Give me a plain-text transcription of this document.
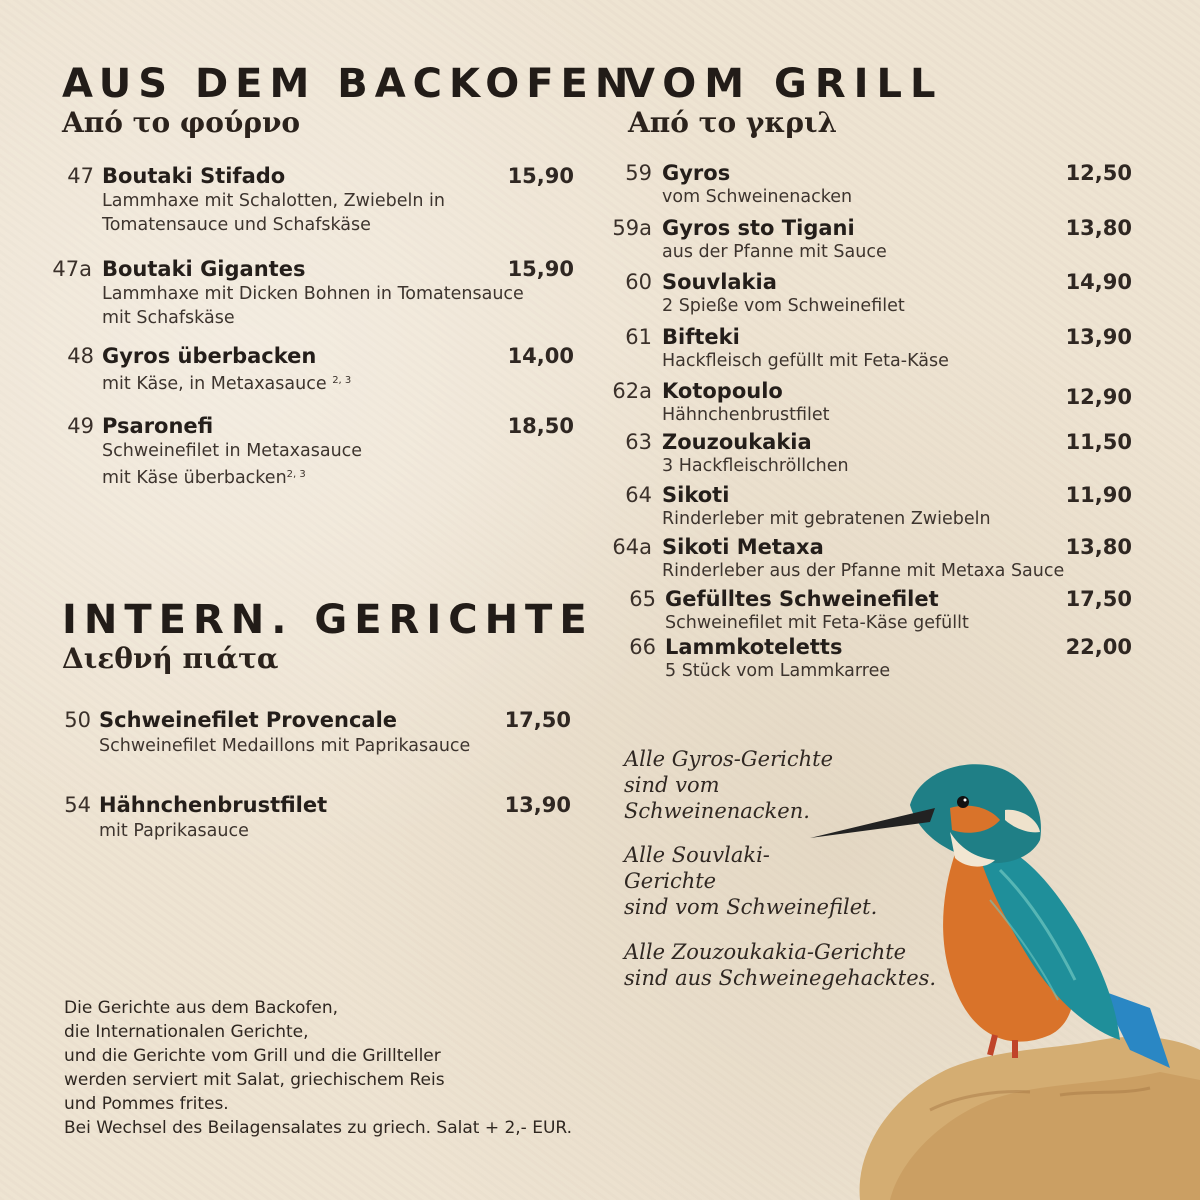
AUS DEM BACKOFEN
Από το φούρνο
47 Boutaki Stifado	15,90
Lammhaxe mit Schalotten, Zwiebeln in
Tomatensauce und Schafskäse
47a Boutaki Gigantes	15,90
Lammhaxe mit Dicken Bohnen in Tomatensauce
mit Schafskäse
48 Gyros überbacken	14,00
mit Käse, in Metaxasauce $^{2, 3}$
49 Psaronefi	18,50
Schweinefilet in Metaxasauce
mit Käse überbacken$^{2, 3}$
INTERN. GERICHTE
Διεθνή πιάτα
50 Schweinefilet Provencale	17,50
Schweinefilet Medaillons mit Paprikasauce
54 Hähnchenbrustfilet	13,90
mit Paprikasauce
VOM GRILL
Από το γκριλ
59 Gyros	12,50
vom Schweinenacken
59a Gyros sto Tigani	13,80
aus der Pfanne mit Sauce
60 Souvlakia	14,90
2 Spieße vom Schweinefilet
61 Bifteki	13,90
Hackfleisch gefüllt mit Feta-Käse
62a Kotopoulo	12,90
Hähnchenbrustfilet
63 Zouzoukakia	11,50
3 Hackfleischröllchen
64 Sikoti	11,90
Rinderleber mit gebratenen Zwiebeln
64a Sikoti Metaxa	13,80
Rinderleber aus der Pfanne mit Metaxa Sauce
65 Gefülltes Schweinefilet	17,50
Schweinefilet mit Feta-Käse gefüllt
66 Lammkoteletts	22,00
5 Stück vom Lammkarree
Alle Gyros-Gerichte
sind vom
Schweinenacken.
Alle Souvlaki-
Gerichte
sind vom Schweinefilet.
Alle Zouzoukakia-Gerichte
sind aus Schweinegehacktes.
Die Gerichte aus dem Backofen,
die Internationalen Gerichte,
und die Gerichte vom Grill und die Grillteller
werden serviert mit Salat, griechischem Reis
und Pommes frites.
Bei Wechsel des Beilagensalates zu griech. Salat + 2,- EUR.
